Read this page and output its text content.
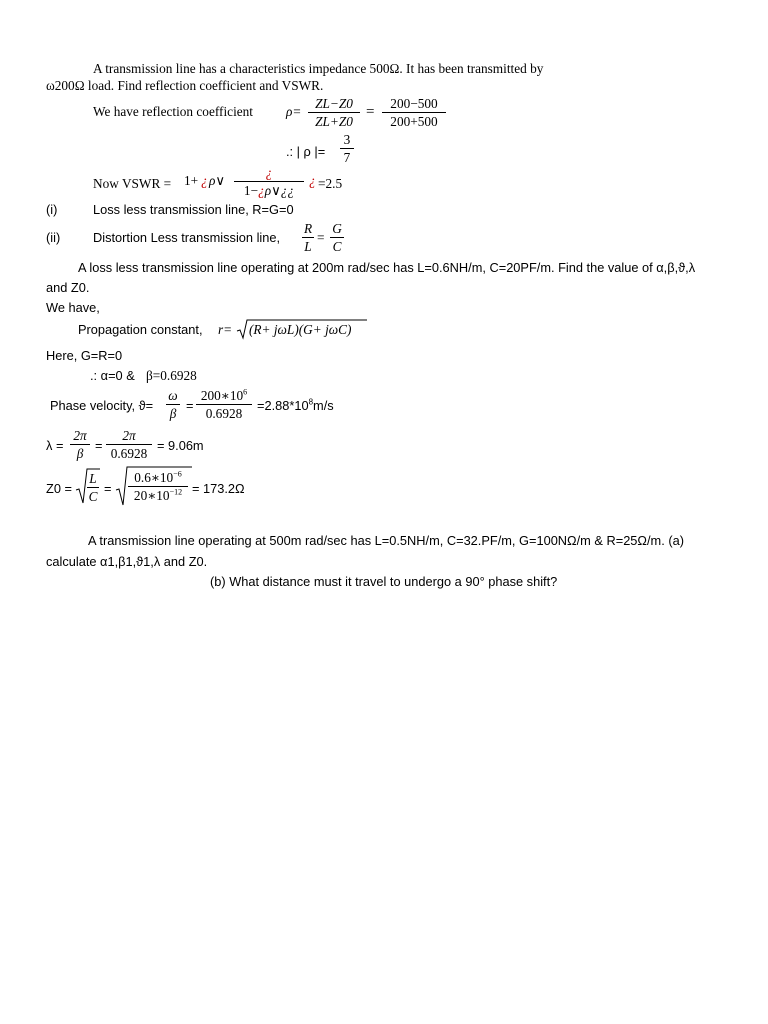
A transmission line has a characteristics impedance 500Ω. It has been transmitted by
ω200Ω load. Find reflection coefficient and VSWR.
We have reflection coefficient ρ=
ZL−Z0
ZL+Z0
=
200−500
200+500
.: | ρ |=
3
7
Now VSWR = 1+ ¿ ρ∨
¿
1−¿ρ∨¿¿
¿ =2.5
(i)	Loss less transmission line, R=G=0
(ii)	Distortion Less transmission line,
R
L
=
G
C
A loss less transmission line operating at 200m rad/sec has L=0.6NH/m, C=20PF/m. Find the value of α,β,ϑ,λ
and Z0.
We have,
Propagation constant, r= (R+ jωL)(G+ jωC)
Here, G=R=0
.: α=0 & β=0.6928
Phase velocity, ϑ=
ω
β
=
$200∗10^6$
0.6928
$=2.88*10^8m/s$
λ =
2π
β
=
2π
0.6928
= 9.06m
Z0 =
L
C
=
$0.6∗10^{-6}$
$20∗10^{-12} = 173.2\Omega$
A transmission line operating at 500m rad/sec has L=0.5NH/m, C=32.PF/m, G=100NΩ/m & R=25Ω/m. (a)
calculate α1,β1,ϑ1,λ and Z0.
(b) What distance must it travel to undergo a 90° phase shift?
